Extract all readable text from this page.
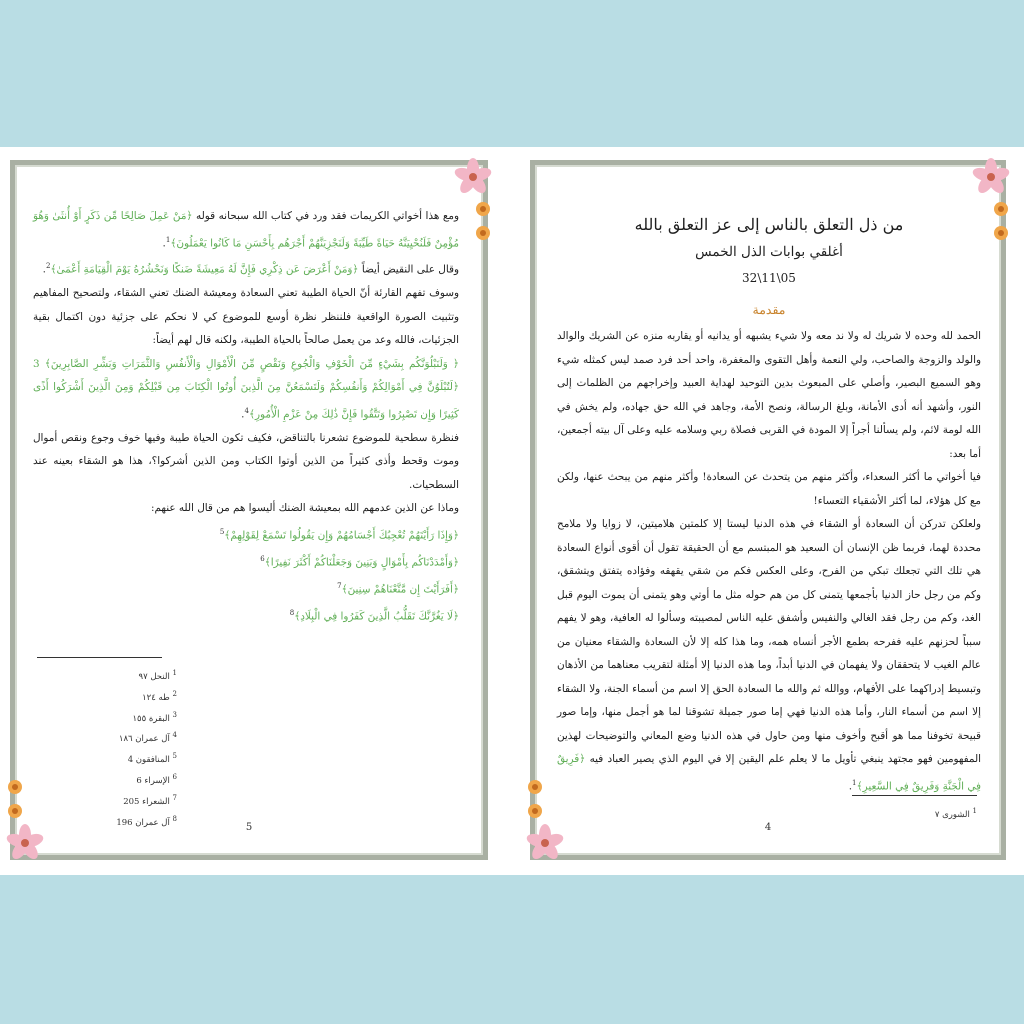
ومع هذا أخواتي الكريمات فقد ورد في كتاب الله سبحانه قوله ﴿مَنْ عَمِلَ صَالِحًا مِّن ذَكَرٍ أَوْ أُنثَىٰ وَهُوَ مُؤْمِنٌ فَلَنُحْيِيَنَّهُ حَيَاةً طَيِّبَةً وَلَنَجْزِيَنَّهُمْ أَجْرَهُم بِأَحْسَنِ مَا كَانُوا يَعْمَلُونَ﴾$^1$.
وقال على النقيض أيضاً ﴿وَمَنْ أَعْرَضَ عَن ذِكْرِي فَإِنَّ لَهُ مَعِيشَةً ضَنكًا وَنَحْشُرُهُ يَوْمَ الْقِيَامَةِ أَعْمَىٰ﴾$^2$.
وسوف تفهم القارئة أنّ الحياة الطيبة تعني السعادة ومعيشة الضنك تعني الشقاء، ولتصحيح المفاهيم وتثبيت الصورة الواقعية فلننظر نظرة أوسع للموضوع كي لا نحكم على جزئية دون اكتمال بقية الجزئيات، فالله وعد من يعمل صالحاً بالحياة الطيبة، ولكنه قال لهم أيضاً:
﴿ وَلَنَبْلُوَنَّكُم بِشَيْءٍ مِّنَ الْخَوْفِ وَالْجُوعِ وَنَقْصٍ مِّنَ الْأَمْوَالِ وَالْأَنفُسِ وَالثَّمَرَاتِ وَبَشِّرِ الصَّابِرِينَ﴾ 3 ﴿لَتُبْلَوُنَّ فِي أَمْوَالِكُمْ وَأَنفُسِكُمْ وَلَتَسْمَعُنَّ مِنَ الَّذِينَ أُوتُوا الْكِتَابَ مِن قَبْلِكُمْ وَمِنَ الَّذِينَ أَشْرَكُوا أَذًى كَثِيرًا وَإِن تَصْبِرُوا وَتَتَّقُوا فَإِنَّ ذَٰلِكَ مِنْ عَزْمِ الْأُمُورِ﴾$^4$.
فنظرة سطحية للموضوع تشعرنا بالتناقض، فكيف تكون الحياة طيبة وفيها خوف وجوع ونقص أموال وموت وقحط وأذى كثيراً من الذين أوتوا الكتاب ومن الذين أشركوا؟، هذا هو الشقاء بعينه عند السطحيات.
وماذا عن الذين عدمهم الله بمعيشة الضنك أليسوا هم من قال الله عنهم:
﴿وَإِذَا رَأَيْتَهُمْ تُعْجِبُكَ أَجْسَامُهُمْ وَإِن يَقُولُوا تَسْمَعْ لِقَوْلِهِمْ﴾$^5$
﴿وَأَمْدَدْنَاكُم بِأَمْوَالٍ وَبَنِينَ وَجَعَلْنَاكُمْ أَكْثَرَ نَفِيرًا﴾$^6$
﴿أَفَرَأَيْتَ إِن مَّتَّعْنَاهُمْ سِنِينَ﴾$^7$
﴿لَا يَغُرَّنَّكَ تَقَلُّبُ الَّذِينَ كَفَرُوا فِي الْبِلَادِ﴾$^8$
$^1$ النحل ٩٧
$^2$ طه ١٢٤
$^3$ البقرة ١٥٥
$^4$ آل عمران ١٨٦
$^5$ المنافقون 4
$^6$ الإسراء 6
$^7$ الشعراء 205
$^8$ آل عمران 196	5
من ذل التعلق بالناس إلى عز التعلق بالله
أغلقي بوابات الذل الخمس
32\11\05
مقدمة
الحمد لله وحده لا شريك له ولا ند معه ولا شيء يشبهه أو يدانيه أو يقاربه منزه عن الشريك والوالد والولد والزوجة والصاحب، ولي النعمة وأهل التقوى والمغفرة، واحد أحد فرد صمد ليس كمثله شيء وهو السميع البصير، وأصلي على المبعوث بدين التوحيد لهداية العبيد وإخراجهم من الظلمات إلى النور، وأشهد أنه أدى الأمانة، وبلغ الرسالة، ونصح الأمة، وجاهد في الله حق جهاده، ولم يخش في الله لومة لائم، ولم يسألنا أجراً إلا المودة في القربى فصلاة ربي وسلامه عليه وعلى آل بيته أجمعين، أما بعد:
فيا أخواتي ما أكثر السعداء، وأكثر منهم من يتحدث عن السعادة! وأكثر منهم من يبحث عنها، ولكن مع كل هؤلاء، لما أكثر الأشقياء التعساء!
ولعلكن تدركن أن السعادة أو الشقاء في هذه الدنيا ليستا إلا كلمتين هلاميتين، لا زوايا ولا ملامح محددة لهما، فربما ظن الإنسان أن السعيد هو المبتسم مع أن الحقيقة تقول أن أقوى أنواع السعادة هي تلك التي تجعلك تبكي من الفرح، وعلى العكس فكم من شقي يقهقه وفؤاده يتفتق ويتشقق، وكم من رجل حاز الدنيا بأجمعها يتمنى كل من هم حوله مثل ما أوتي وهو يتمنى أن يموت اليوم قبل الغد، وكم من رجل فقد الغالي والنفيس وأشفق عليه الناس لمصيبته وسألوا له العافية، وهو لا يفهم سبباً لحزنهم عليه ففرحه بطمع الأجر أنساه همه، وما هذا كله إلا لأن السعادة والشقاء معنيان من عالم الغيب لا يتحققان ولا يفهمان في الدنيا أبداً، وما هذه الدنيا إلا أمثلة لتقريب معناهما من الأذهان وتبسيط إدراكهما على الأفهام، ووالله ثم والله ما السعادة الحق إلا اسم من أسماء الجنة، ولا الشقاء إلا اسم من أسماء النار، وأما هذه الدنيا فهي إما صور جميلة تشوقنا لما هو أجمل منها، وإما صور قبيحة تخوفنا مما هو أقبح وأخوف منها ومن حاول في هذه الدنيا وضع المعاني والتوضيحات لهذين المفهومين فهو مجتهد ينبغي تأويل ما لا يعلم علم اليقين إلا في اليوم الذي يصير العباد فيه ﴿فَرِيقٌ فِي الْجَنَّةِ وَفَرِيقٌ فِي السَّعِيرِ﴾$^1$.
$^1$ الشورى ٧
4
